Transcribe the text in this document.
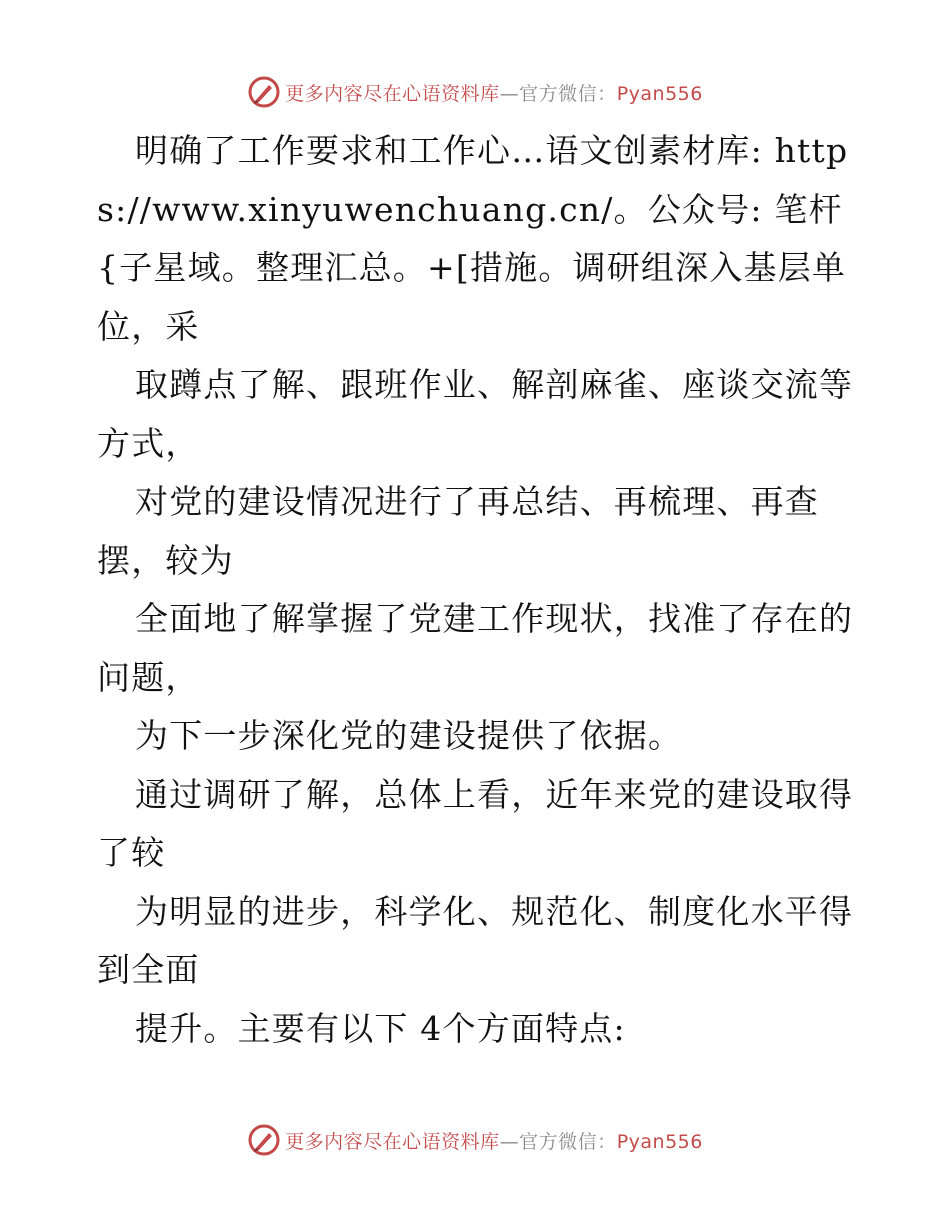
更多内容尽在心语资料库—官方微信：Pyan556

明确了工作要求和工作心…语文创素材库: https://www.xinyuwenchuang.cn/。公众号: 笔杆{子星域。整理汇总。+[措施。调研组深入基层单位，采

取蹲点了解、跟班作业、解剖麻雀、座谈交流等方式，

对党的建设情况进行了再总结、再梳理、再查摆，较为

全面地了解掌握了党建工作现状，找准了存在的问题，

为下一步深化党的建设提供了依据。

通过调研了解，总体上看，近年来党的建设取得了较

为明显的进步，科学化、规范化、制度化水平得到全面

提升。主要有以下 4个方面特点:

更多内容尽在心语资料库—官方微信：Pyan556
